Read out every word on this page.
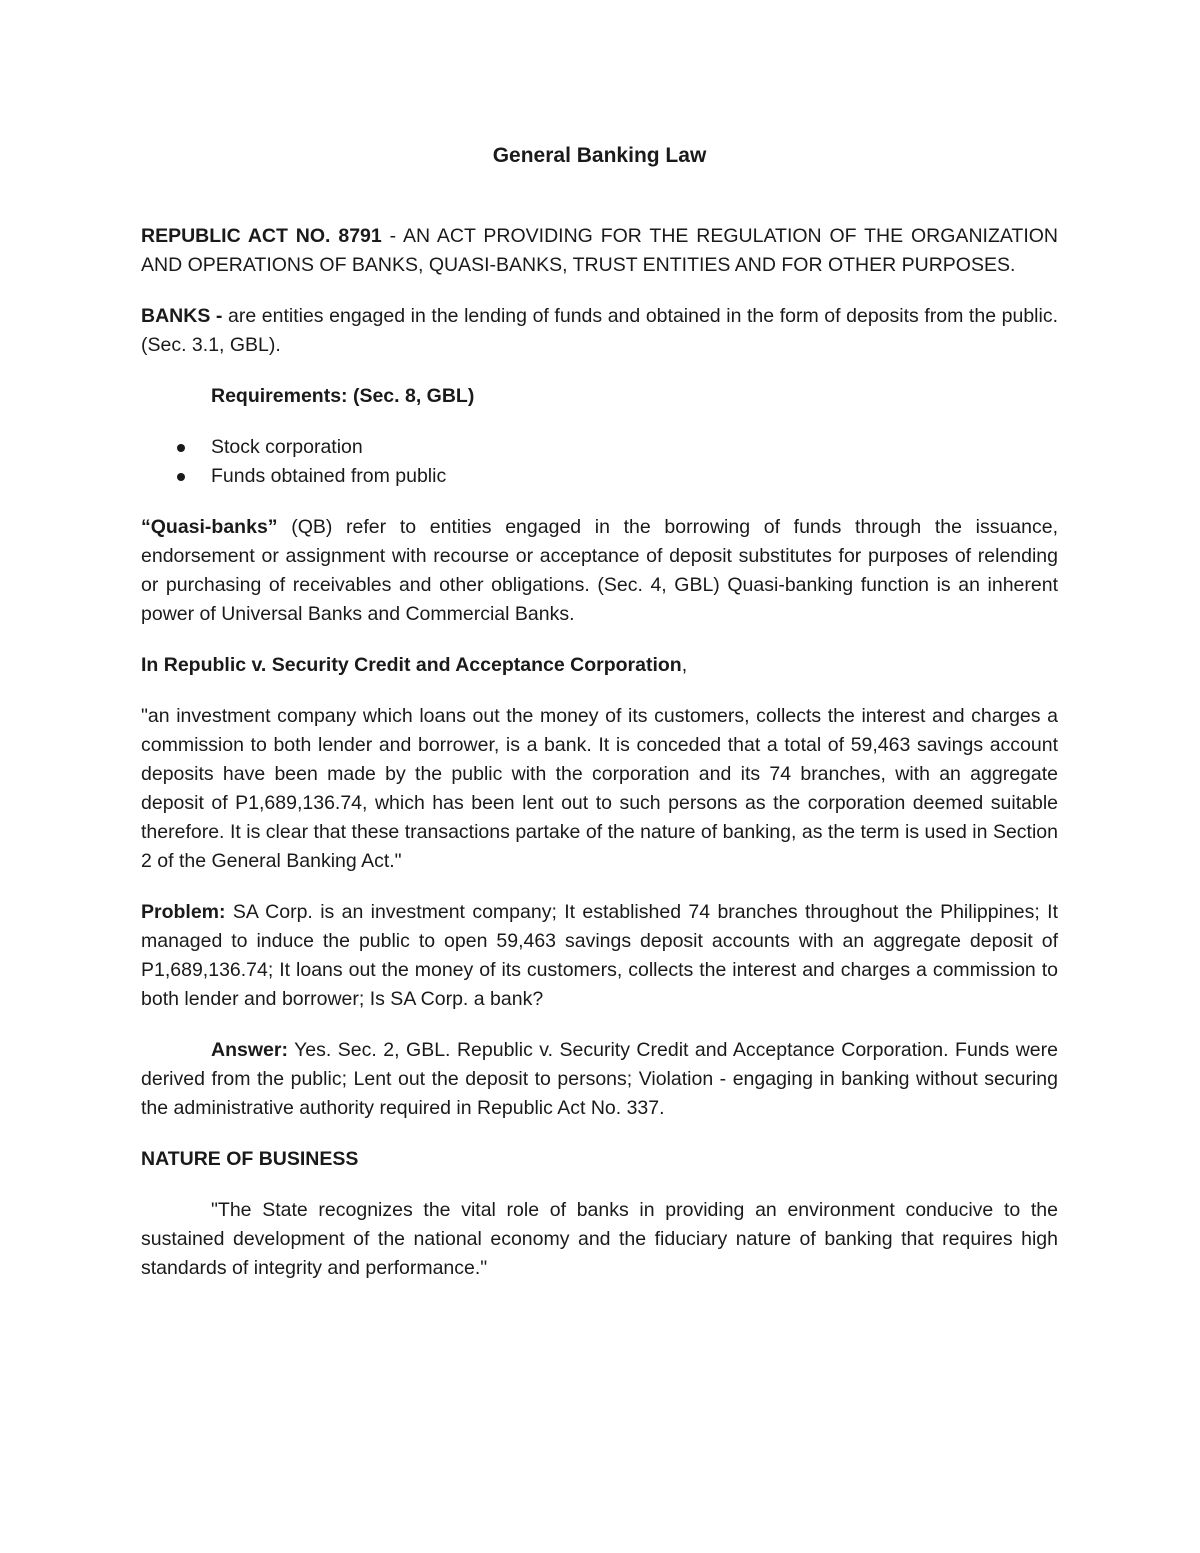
General Banking Law

REPUBLIC ACT NO. 8791 - AN ACT PROVIDING FOR THE REGULATION OF THE ORGANIZATION AND OPERATIONS OF BANKS, QUASI-BANKS, TRUST ENTITIES AND FOR OTHER PURPOSES.

BANKS - are entities engaged in the lending of funds and obtained in the form of deposits from the public. (Sec. 3.1, GBL).

Requirements: (Sec. 8, GBL)

Stock corporation
Funds obtained from public

“Quasi-banks” (QB) refer to entities engaged in the borrowing of funds through the issuance, endorsement or assignment with recourse or acceptance of deposit substitutes for purposes of relending or purchasing of receivables and other obligations. (Sec. 4, GBL) Quasi-banking function is an inherent power of Universal Banks and Commercial Banks.

In Republic v. Security Credit and Acceptance Corporation,

"an investment company which loans out the money of its customers, collects the interest and charges a commission to both lender and borrower, is a bank. It is conceded that a total of 59,463 savings account deposits have been made by the public with the corporation and its 74 branches, with an aggregate deposit of P1,689,136.74, which has been lent out to such persons as the corporation deemed suitable therefore. It is clear that these transactions partake of the nature of banking, as the term is used in Section 2 of the General Banking Act."

Problem: SA Corp. is an investment company; It established 74 branches throughout the Philippines; It managed to induce the public to open 59,463 savings deposit accounts with an aggregate deposit of P1,689,136.74; It loans out the money of its customers, collects the interest and charges a commission to both lender and borrower; Is SA Corp. a bank?

Answer: Yes. Sec. 2, GBL. Republic v. Security Credit and Acceptance Corporation. Funds were derived from the public; Lent out the deposit to persons; Violation - engaging in banking without securing the administrative authority required in Republic Act No. 337.

NATURE OF BUSINESS

"The State recognizes the vital role of banks in providing an environment conducive to the sustained development of the national economy and the fiduciary nature of banking that requires high standards of integrity and performance."
